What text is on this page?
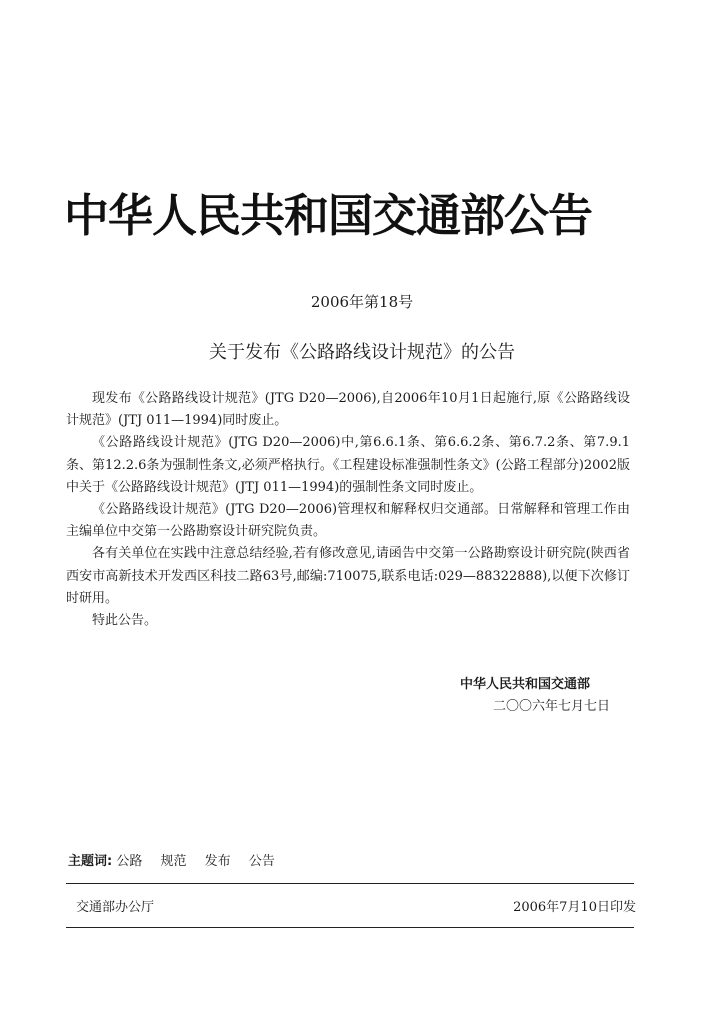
中华人民共和国交通部公告
2006年第18号
关于发布《公路路线设计规范》的公告

现发布《公路路线设计规范》(JTG D20—2006),自2006年10月1日起施行,原《公路路线设计规范》(JTJ 011—1994)同时废止。

《公路路线设计规范》(JTG D20—2006)中,第6.6.1条、第6.6.2条、第6.7.2条、第7.9.1条、第12.2.6条为强制性条文,必须严格执行。《工程建设标准强制性条文》(公路工程部分)2002版中关于《公路路线设计规范》(JTJ 011—1994)的强制性条文同时废止。

《公路路线设计规范》(JTG D20—2006)管理权和解释权归交通部。日常解释和管理工作由主编单位中交第一公路勘察设计研究院负责。

各有关单位在实践中注意总结经验,若有修改意见,请函告中交第一公路勘察设计研究院(陕西省西安市高新技术开发西区科技二路63号,邮编:710075,联系电话:029—88322888),以便下次修订时研用。

特此公告。

中华人民共和国交通部
二〇〇六年七月七日
主题词: 公路 规范 发布 公告
交通部办公厅	2006年7月10日印发
